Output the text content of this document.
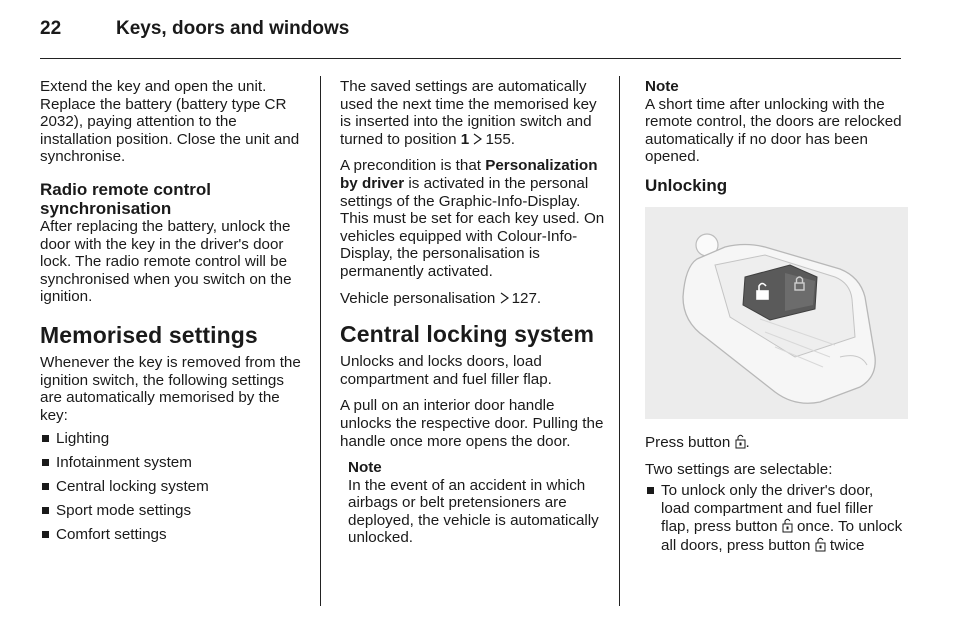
22	Keys, doors and windows

Extend the key and open the unit. Replace the battery (battery type CR 2032), paying attention to the installation position. Close the unit and synchronise.

Radio remote control synchronisation

After replacing the battery, unlock the door with the key in the driver's door lock. The radio remote control will be synchronised when you switch on the ignition.

Memorised settings

Whenever the key is removed from the ignition switch, the following settings are automatically memorised by the key:

Lighting
Infotainment system
Central locking system
Sport mode settings
Comfort settings

The saved settings are automatically used the next time the memorised key is inserted into the ignition switch and turned to position 1 155.

A precondition is that Personalization by driver is activated in the personal settings of the Graphic-Info-Display. This must be set for each key used. On vehicles equipped with Colour-Info-Display, the personalisation is permanently activated.

Vehicle personalisation 127.

Central locking system

Unlocks and locks doors, load compartment and fuel filler flap.

A pull on an interior door handle unlocks the respective door. Pulling the handle once more opens the door.

Note
In the event of an accident in which airbags or belt pretensioners are deployed, the vehicle is automatically unlocked.
Note
A short time after unlocking with the remote control, the doors are relocked automatically if no door has been opened.
Unlocking

Press button .

Two settings are selectable:

To unlock only the driver's door, load compartment and fuel filler flap, press button once. To unlock all doors, press button twice
